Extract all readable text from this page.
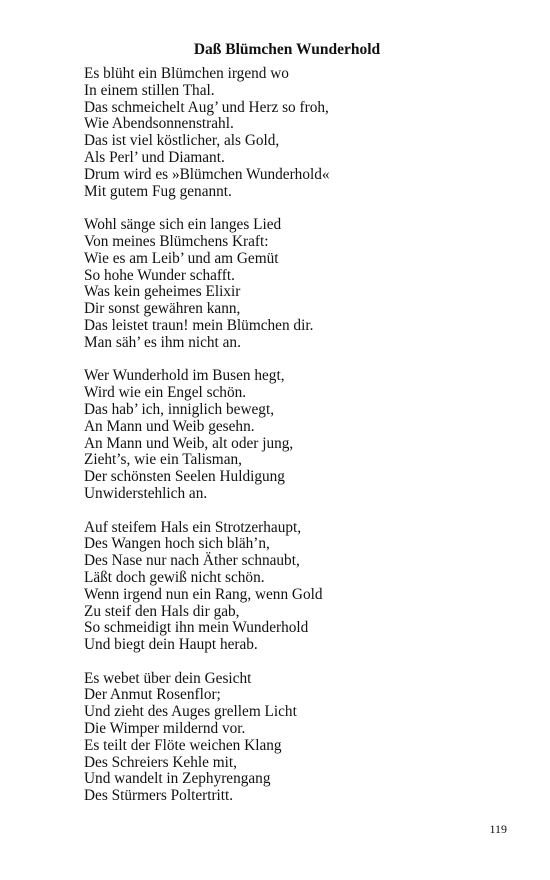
Daß Blümchen Wunderhold
Es blüht ein Blümchen irgend wo
In einem stillen Thal.
Das schmeichelt Aug’ und Herz so froh,
Wie Abendsonnenstrahl.
Das ist viel köstlicher, als Gold,
Als Perl’ und Diamant.
Drum wird es »Blümchen Wunderhold«
Mit gutem Fug genannt.
Wohl sänge sich ein langes Lied
Von meines Blümchens Kraft:
Wie es am Leib’ und am Gemüt
So hohe Wunder schafft.
Was kein geheimes Elixir
Dir sonst gewähren kann,
Das leistet traun! mein Blümchen dir.
Man säh’ es ihm nicht an.
Wer Wunderhold im Busen hegt,
Wird wie ein Engel schön.
Das hab’ ich, inniglich bewegt,
An Mann und Weib gesehn.
An Mann und Weib, alt oder jung,
Zieht’s, wie ein Talisman,
Der schönsten Seelen Huldigung
Unwiderstehlich an.
Auf steifem Hals ein Strotzerhaupt,
Des Wangen hoch sich bläh’n,
Des Nase nur nach Äther schnaubt,
Läßt doch gewiß nicht schön.
Wenn irgend nun ein Rang, wenn Gold
Zu steif den Hals dir gab,
So schmeidigt ihn mein Wunderhold
Und biegt dein Haupt herab.
Es webet über dein Gesicht
Der Anmut Rosenflor;
Und zieht des Auges grellem Licht
Die Wimper mildernd vor.
Es teilt der Flöte weichen Klang
Des Schreiers Kehle mit,
Und wandelt in Zephyrengang
Des Stürmers Poltertritt.
119
